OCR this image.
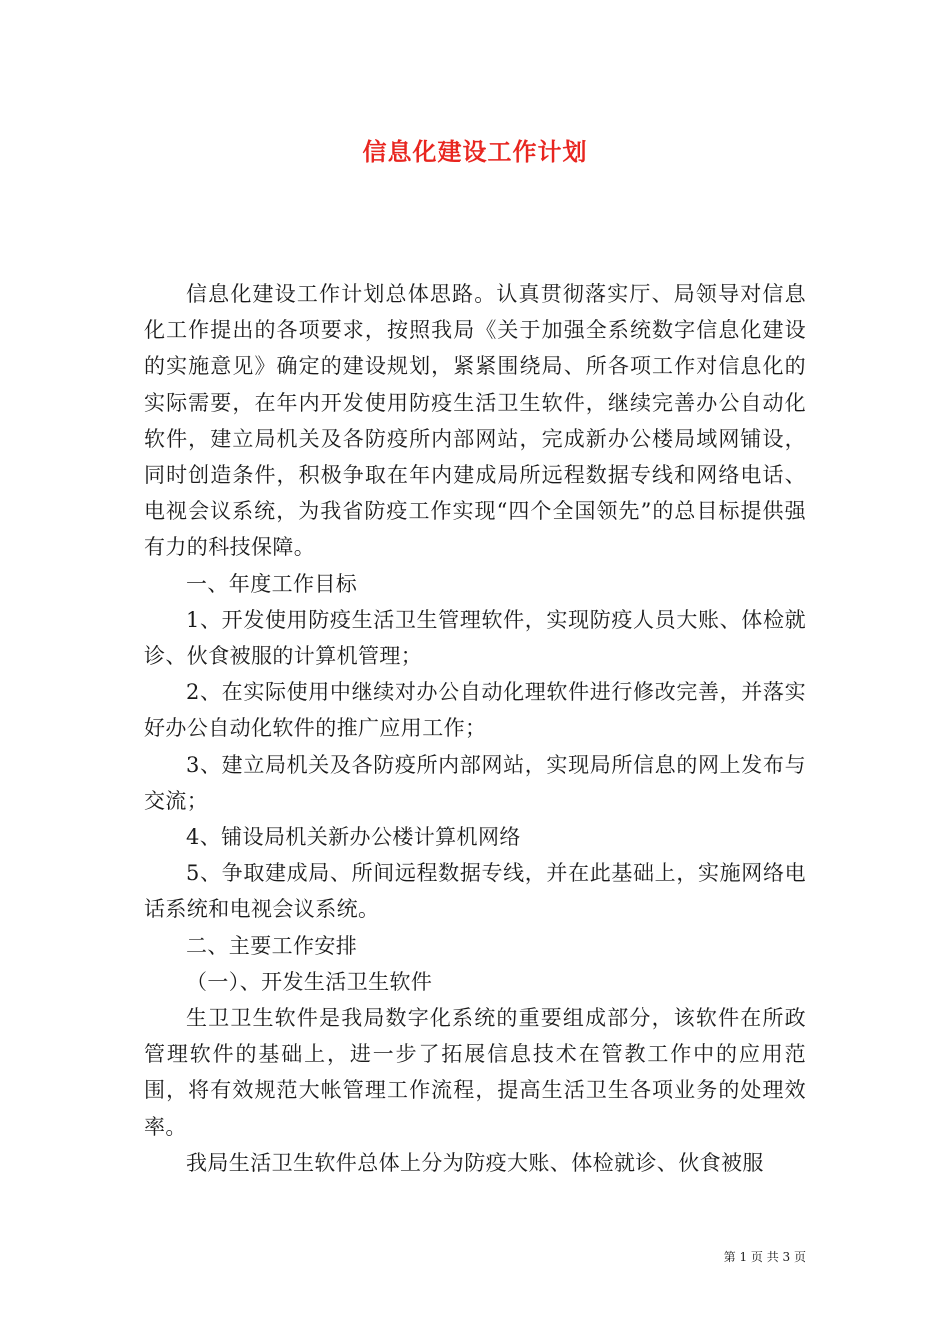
信息化建设工作计划

信息化建设工作计划总体思路。认真贯彻落实厅、局领导对信息化工作提出的各项要求，按照我局《关于加强全系统数字信息化建设的实施意见》确定的建设规划，紧紧围绕局、所各项工作对信息化的实际需要，在年内开发使用防疫生活卫生软件，继续完善办公自动化软件，建立局机关及各防疫所内部网站，完成新办公楼局域网铺设，同时创造条件，积极争取在年内建成局所远程数据专线和网络电话、电视会议系统，为我省防疫工作实现“四个全国领先”的总目标提供强有力的科技保障。

一、年度工作目标

1、开发使用防疫生活卫生管理软件，实现防疫人员大账、体检就诊、伙食被服的计算机管理；

2、在实际使用中继续对办公自动化理软件进行修改完善，并落实好办公自动化软件的推广应用工作；

3、建立局机关及各防疫所内部网站，实现局所信息的网上发布与交流；

4、铺设局机关新办公楼计算机网络

5、争取建成局、所间远程数据专线，并在此基础上，实施网络电话系统和电视会议系统。

二、主要工作安排

（一）、开发生活卫生软件

生卫卫生软件是我局数字化系统的重要组成部分，该软件在所政管理软件的基础上，进一步了拓展信息技术在管教工作中的应用范围，将有效规范大帐管理工作流程，提高生活卫生各项业务的处理效率。

我局生活卫生软件总体上分为防疫大账、体检就诊、伙食被服

第 1 页 共 3 页
